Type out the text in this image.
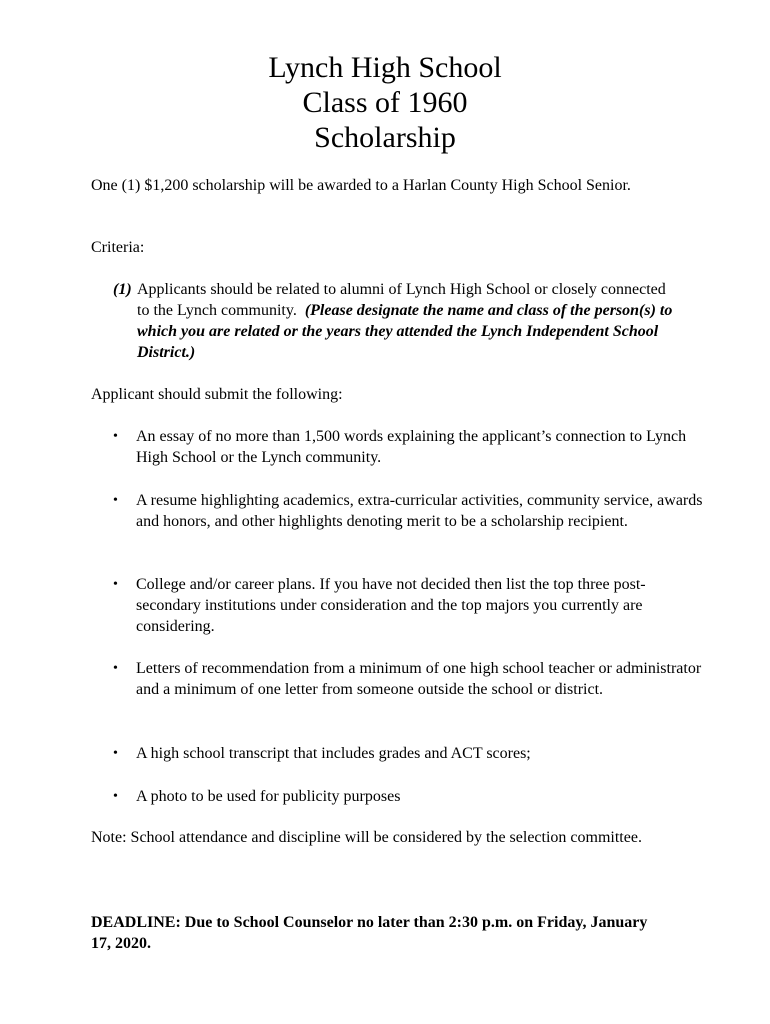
Lynch High School
Class of 1960
Scholarship
One (1) $1,200 scholarship will be awarded to a Harlan County High School Senior.
Criteria:
(1) Applicants should be related to alumni of Lynch High School or closely connected to the Lynch community. (Please designate the name and class of the person(s) to which you are related or the years they attended the Lynch Independent School District.)
Applicant should submit the following:
• An essay of no more than 1,500 words explaining the applicant’s connection to Lynch High School or the Lynch community.
• A resume highlighting academics, extra-curricular activities, community service, awards and honors, and other highlights denoting merit to be a scholarship recipient.
• College and/or career plans. If you have not decided then list the top three post-secondary institutions under consideration and the top majors you currently are considering.
• Letters of recommendation from a minimum of one high school teacher or administrator and a minimum of one letter from someone outside the school or district.
• A high school transcript that includes grades and ACT scores;
• A photo to be used for publicity purposes
Note: School attendance and discipline will be considered by the selection committee.
DEADLINE: Due to School Counselor no later than 2:30 p.m. on Friday, January 17, 2020.
